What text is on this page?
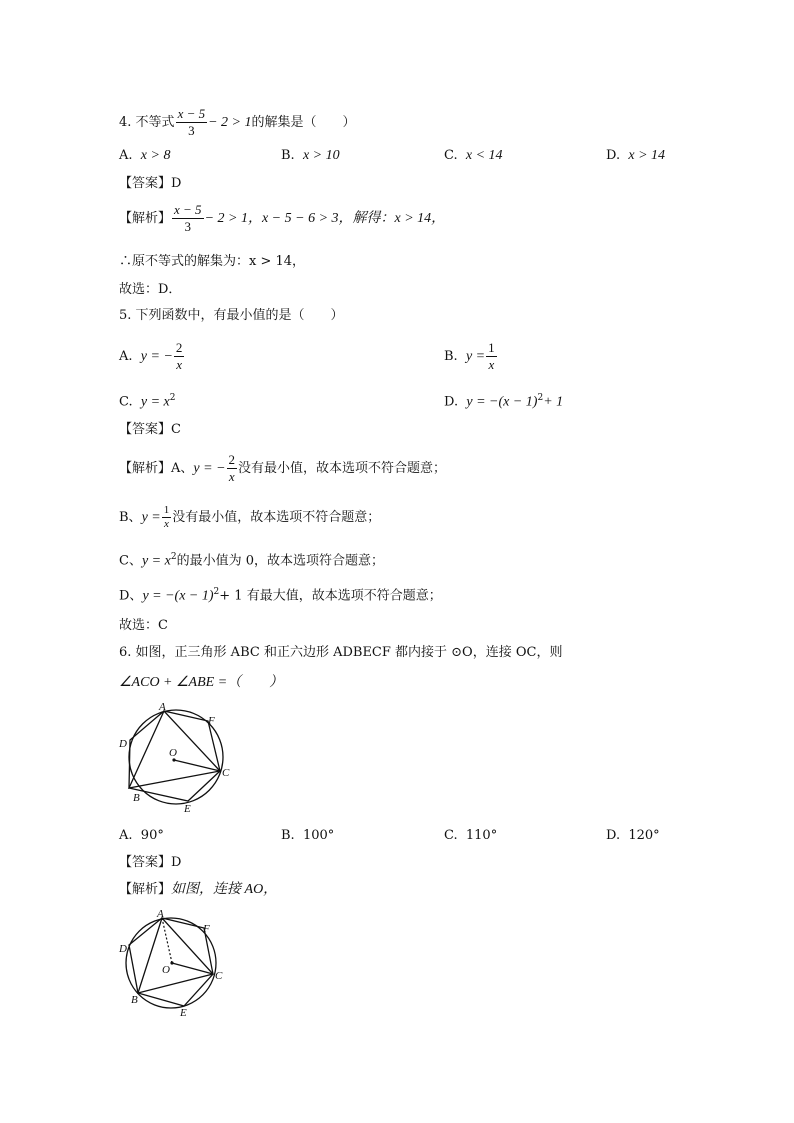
4. 不等式 $\frac{x - 5}{3} - 2 > 1$的解集是（　　）
A. x > 8	B. x > 10	C. x < 14	D. x > 14
【答案】D
【解析】 $\frac{x - 5}{3} - 2 > 1$，x − 5 − 6 > 3，解得：x > 14，
∴原不等式的解集为：x > 14，
故选：D．
5. 下列函数中，有最小值的是（　　）
A. y = − $\frac{2}{x}$	B. $y = \frac{1}{x}$
C. $y = x^2$	D. $y = -(x - 1)^2+ 1$
【答案】C
【解析】A、y = − $\frac{2}{x}$ 没有最小值，故本选项不符合题意；
B、$y = \frac{1}{x}$ 没有最小值，故本选项不符合题意；
C、$y = x^2$的最小值为 0，故本选项符合题意；
D、$y = -(x - 1)^2+ 1$ 有最大值，故本选项不符合题意；
故选：C
6. 如图，正三角形 ABC 和正六边形 ADBECF 都内接于 ⊙O，连接 OC，则
∠ACO + ∠ABE =（　　）
A
D
F
O
C
B
E
A. 90°	B. 100°	C. 110°	D. 120°
【答案】D
【解析】如图，连接 AO，
A
D
F
O	C
B
E
